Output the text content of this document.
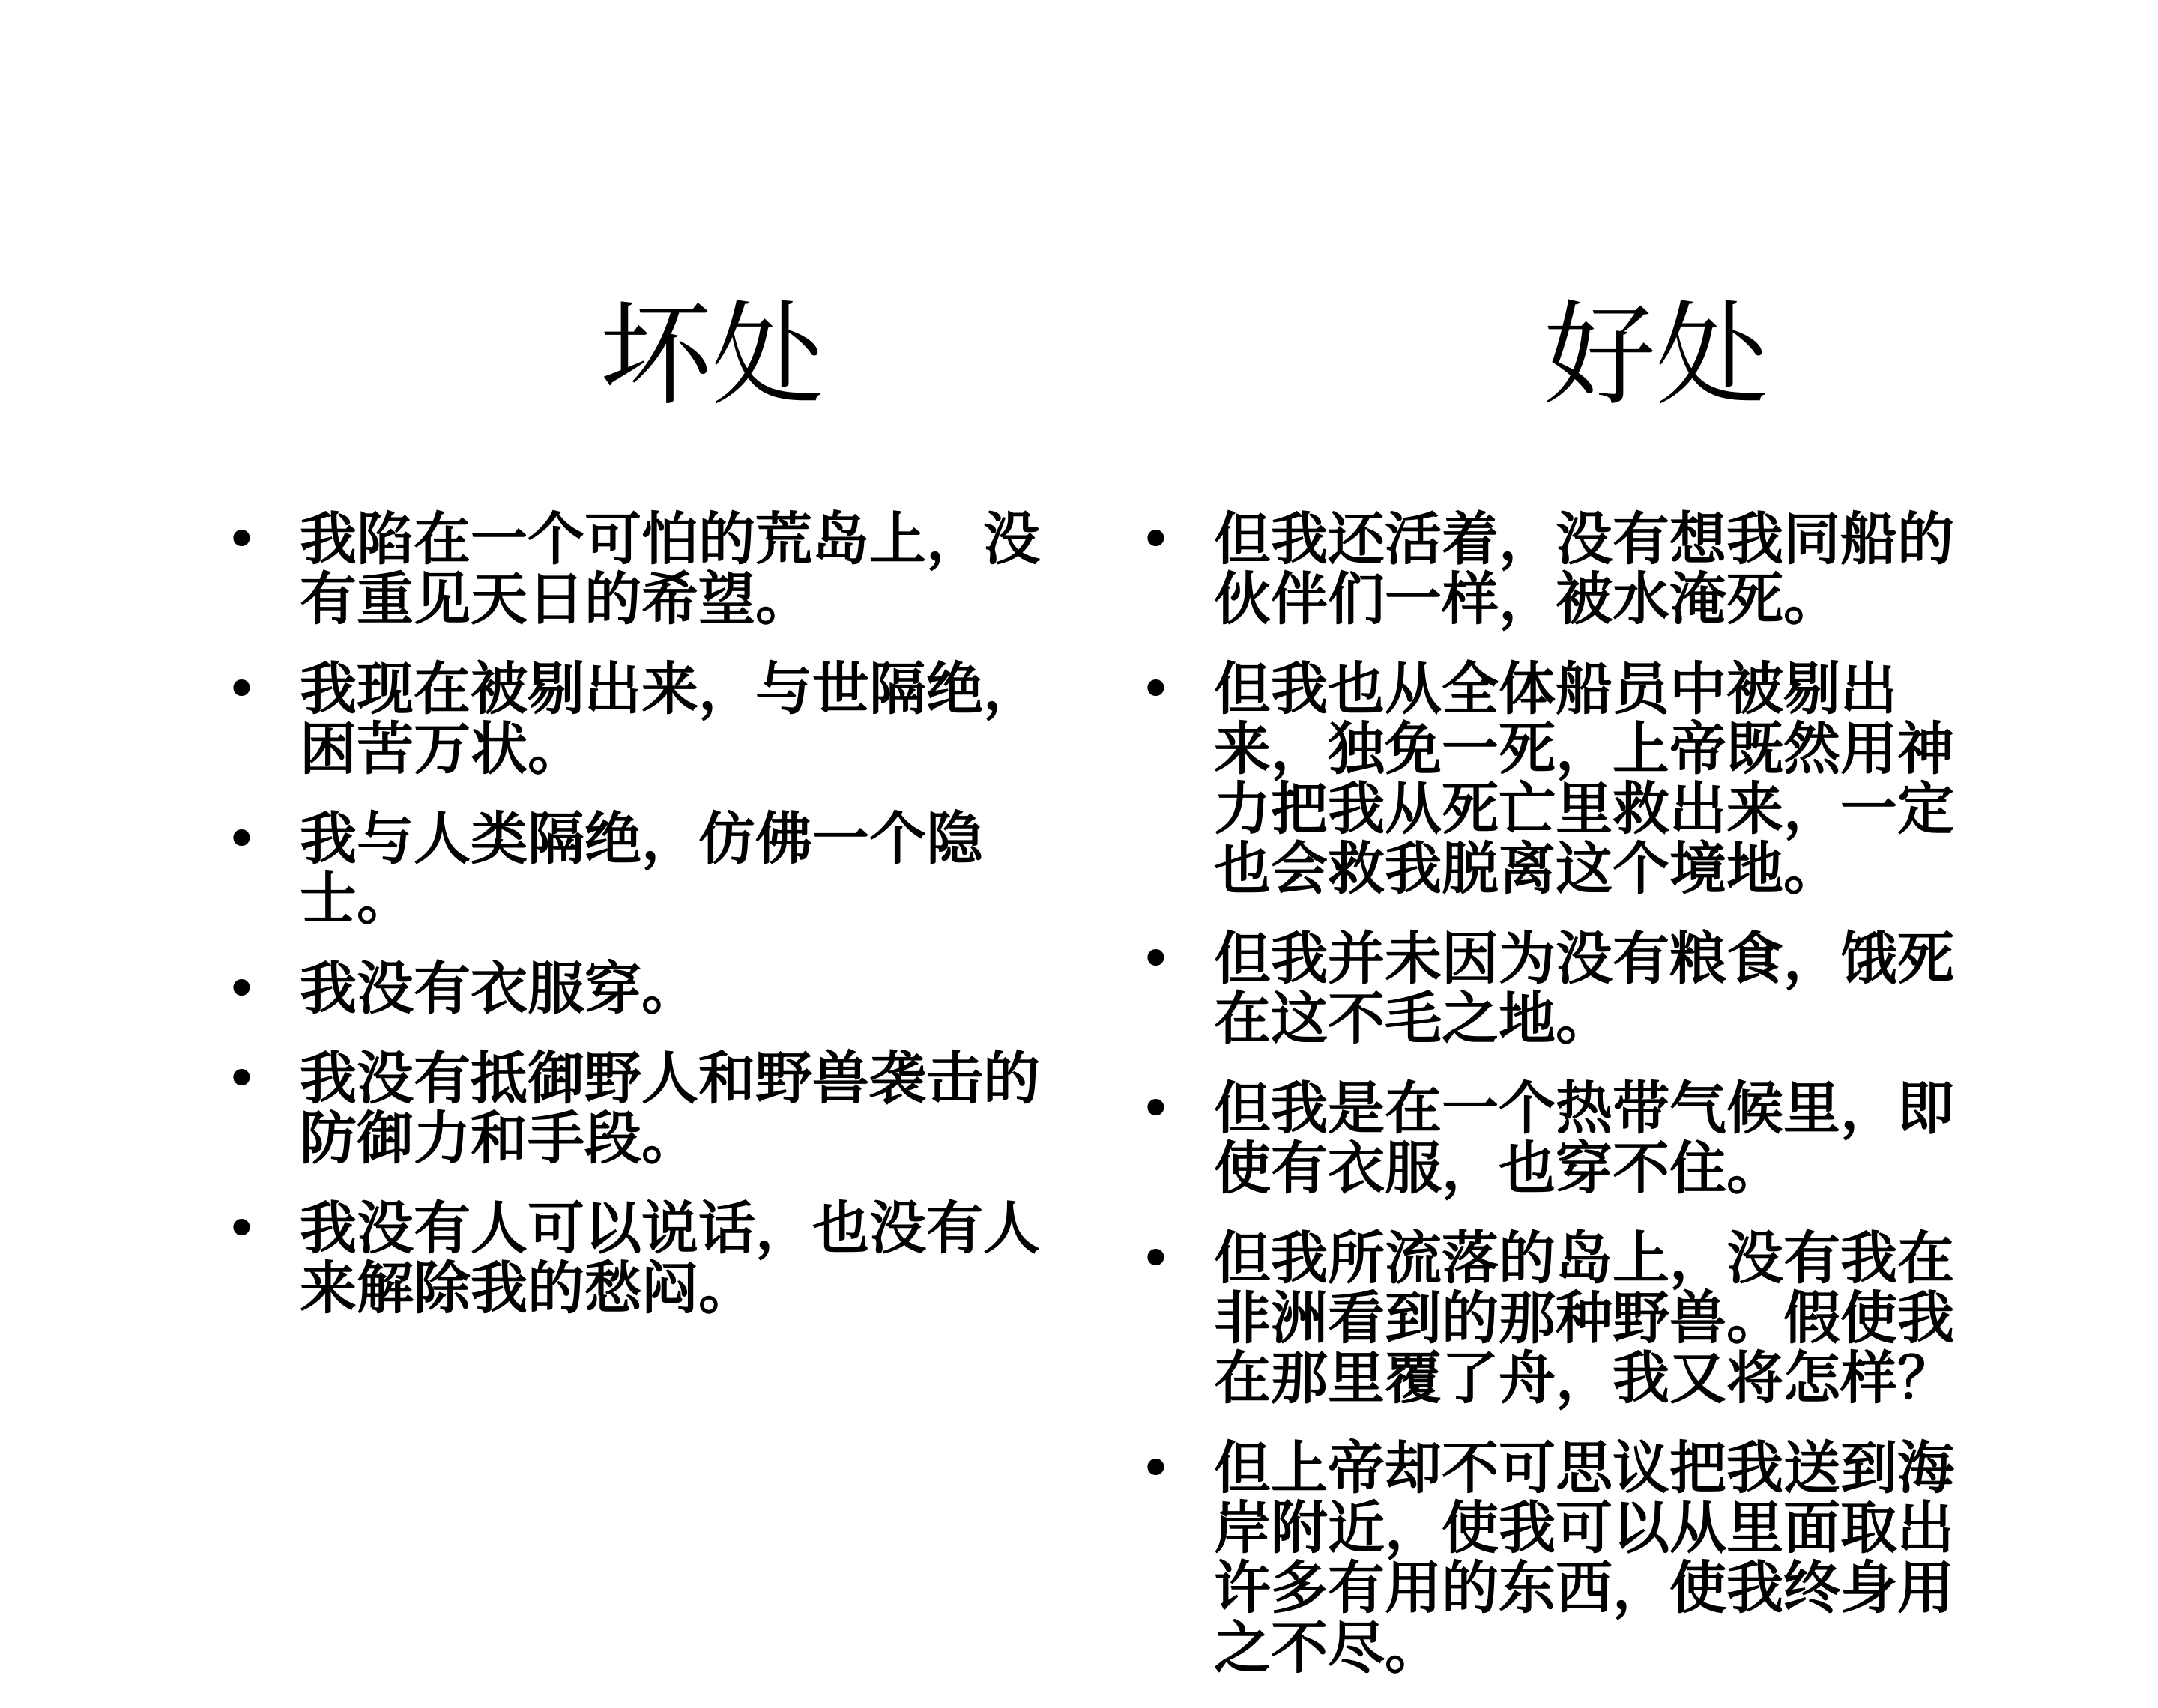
坏处	好处
• 我陷在一个可怕的荒岛上，没有重见天日的希望。
• 我现在被剔出来，与世隔绝，困苦万状。
• 我与人类隔绝，仿佛一个隐士。
• 我没有衣服穿。
• 我没有抵御野人和野兽袭击的防御力和手段。
• 我没有人可以说话，也没有人来解除我的愁闷。
• 但我还活着，没有想我同船的伙伴们一样，被水淹死。
• 但我也从全体船员中被剔出来，独免一死，上帝既然用神力把我从死亡里救出来，一定也会救我脱离这个境地。
• 但我并未因为没有粮食，饿死在这不毛之地。
• 但我是在一个热带气候里，即使有衣服，也穿不住。
• 但我所流落的岛上，没有我在非洲看到的那种野兽。假使我在那里覆了舟，我又将怎样？
• 但上帝却不可思议把我送到海岸附近，使我可以从里面取出许多有用的东西，使我终身用之不尽。
